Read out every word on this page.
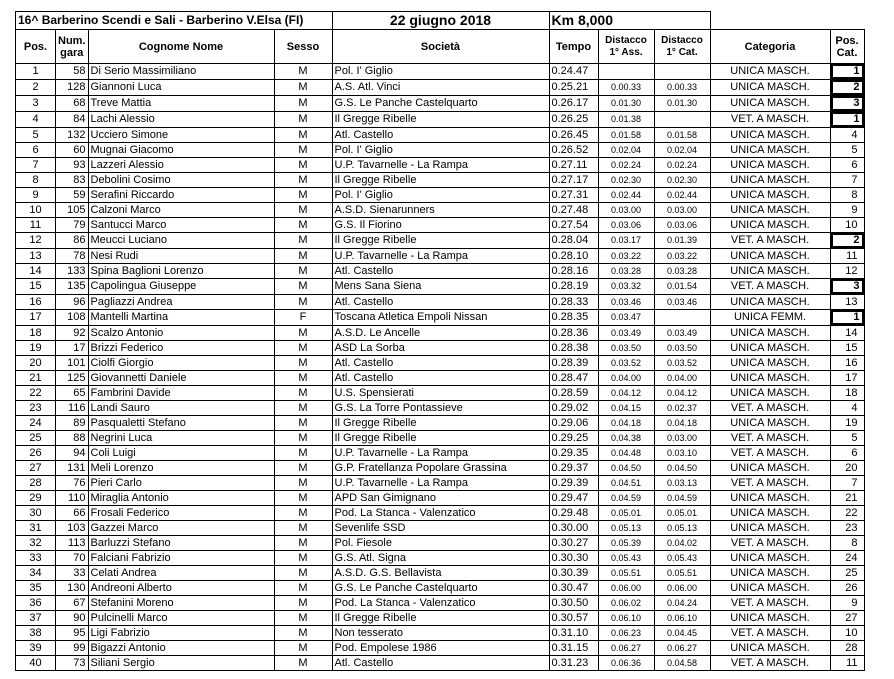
16^ Barberino Scendi e Sali - Barberino V.Elsa (FI)				22 giugno 2018	Km 8,000				
Pos.	Num. gara	Cognome Nome	Sesso	Società	Tempo	Distacco 1° Ass.	Distacco 1° Cat.	Categoria	Pos. Cat.
1	58	Di Serio Massimiliano	M	Pol. I' Giglio	0.24.47			UNICA MASCH.	1
2	128	Giannoni Luca	M	A.S. Atl. Vinci	0.25.21	0.00.33	0.00.33	UNICA MASCH.	2
3	68	Treve Mattia	M	G.S. Le Panche Castelquarto	0.26.17	0.01.30	0.01.30	UNICA MASCH.	3
4	84	Lachi Alessio	M	Il Gregge Ribelle	0.26.25	0.01.38		VET. A MASCH.	1
5	132	Ucciero Simone	M	Atl. Castello	0.26.45	0.01.58	0.01.58	UNICA MASCH.	4
6	60	Mugnai Giacomo	M	Pol. I' Giglio	0.26.52	0.02.04	0.02.04	UNICA MASCH.	5
7	93	Lazzeri Alessio	M	U.P. Tavarnelle - La Rampa	0.27.11	0.02.24	0.02.24	UNICA MASCH.	6
8	83	Debolini Cosimo	M	Il Gregge Ribelle	0.27.17	0.02.30	0.02.30	UNICA MASCH.	7
9	59	Serafini Riccardo	M	Pol. I' Giglio	0.27.31	0.02.44	0.02.44	UNICA MASCH.	8
10	105	Calzoni Marco	M	A.S.D. Sienarunners	0.27.48	0.03.00	0.03.00	UNICA MASCH.	9
11	79	Santucci Marco	M	G.S. Il Fiorino	0.27.54	0.03.06	0.03.06	UNICA MASCH.	10
12	86	Meucci Luciano	M	Il Gregge Ribelle	0.28.04	0.03.17	0.01.39	VET. A MASCH.	2
13	78	Nesi Rudi	M	U.P. Tavarnelle - La Rampa	0.28.10	0.03.22	0.03.22	UNICA MASCH.	11
14	133	Spina Baglioni Lorenzo	M	Atl. Castello	0.28.16	0.03.28	0.03.28	UNICA MASCH.	12
15	135	Capolingua Giuseppe	M	Mens Sana Siena	0.28.19	0.03.32	0.01.54	VET. A MASCH.	3
16	96	Pagliazzi Andrea	M	Atl. Castello	0.28.33	0.03.46	0.03.46	UNICA MASCH.	13
17	108	Mantelli Martina	F	Toscana Atletica Empoli Nissan	0.28.35	0.03.47		UNICA FEMM.	1
18	92	Scalzo Antonio	M	A.S.D. Le Ancelle	0.28.36	0.03.49	0.03.49	UNICA MASCH.	14
19	17	Brizzi Federico	M	ASD La Sorba	0.28.38	0.03.50	0.03.50	UNICA MASCH.	15
20	101	Ciolfi Giorgio	M	Atl. Castello	0.28.39	0.03.52	0.03.52	UNICA MASCH.	16
21	125	Giovannetti Daniele	M	Atl. Castello	0.28.47	0.04.00	0.04.00	UNICA MASCH.	17
22	65	Fambrini Davide	M	U.S. Spensierati	0.28.59	0.04.12	0.04.12	UNICA MASCH.	18
23	116	Landi Sauro	M	G.S. La Torre Pontassieve	0.29.02	0.04.15	0.02.37	VET. A MASCH.	4
24	89	Pasqualetti Stefano	M	Il Gregge Ribelle	0.29.06	0.04.18	0.04.18	UNICA MASCH.	19
25	88	Negrini Luca	M	Il Gregge Ribelle	0.29.25	0.04.38	0.03.00	VET. A MASCH.	5
26	94	Coli Luigi	M	U.P. Tavarnelle - La Rampa	0.29.35	0.04.48	0.03.10	VET. A MASCH.	6
27	131	Meli Lorenzo	M	G.P. Fratellanza Popolare Grassina	0.29.37	0.04.50	0.04.50	UNICA MASCH.	20
28	76	Pieri Carlo	M	U.P. Tavarnelle - La Rampa	0.29.39	0.04.51	0.03.13	VET. A MASCH.	7
29	110	Miraglia Antonio	M	APD San Gimignano	0.29.47	0.04.59	0.04.59	UNICA MASCH.	21
30	66	Frosali Federico	M	Pod. La Stanca - Valenzatico	0.29.48	0.05.01	0.05.01	UNICA MASCH.	22
31	103	Gazzei Marco	M	Sevenlife SSD	0.30.00	0.05.13	0.05.13	UNICA MASCH.	23
32	113	Barluzzi Stefano	M	Pol. Fiesole	0.30.27	0.05.39	0.04.02	VET. A MASCH.	8
33	70	Falciani Fabrizio	M	G.S. Atl. Signa	0.30.30	0.05.43	0.05.43	UNICA MASCH.	24
34	33	Celati Andrea	M	A.S.D. G.S. Bellavista	0.30.39	0.05.51	0.05.51	UNICA MASCH.	25
35	130	Andreoni Alberto	M	G.S. Le Panche Castelquarto	0.30.47	0.06.00	0.06.00	UNICA MASCH.	26
36	67	Stefanini Moreno	M	Pod. La Stanca - Valenzatico	0.30.50	0.06.02	0.04.24	VET. A MASCH.	9
37	90	Pulcinelli Marco	M	Il Gregge Ribelle	0.30.57	0.06.10	0.06.10	UNICA MASCH.	27
38	95	Ligi Fabrizio	M	Non tesserato	0.31.10	0.06.23	0.04.45	VET. A MASCH.	10
39	99	Bigazzi Antonio	M	Pod. Empolese 1986	0.31.15	0.06.27	0.06.27	UNICA MASCH.	28
40	73	Siliani Sergio	M	Atl. Castello	0.31.23	0.06.36	0.04.58	VET. A MASCH.	11
